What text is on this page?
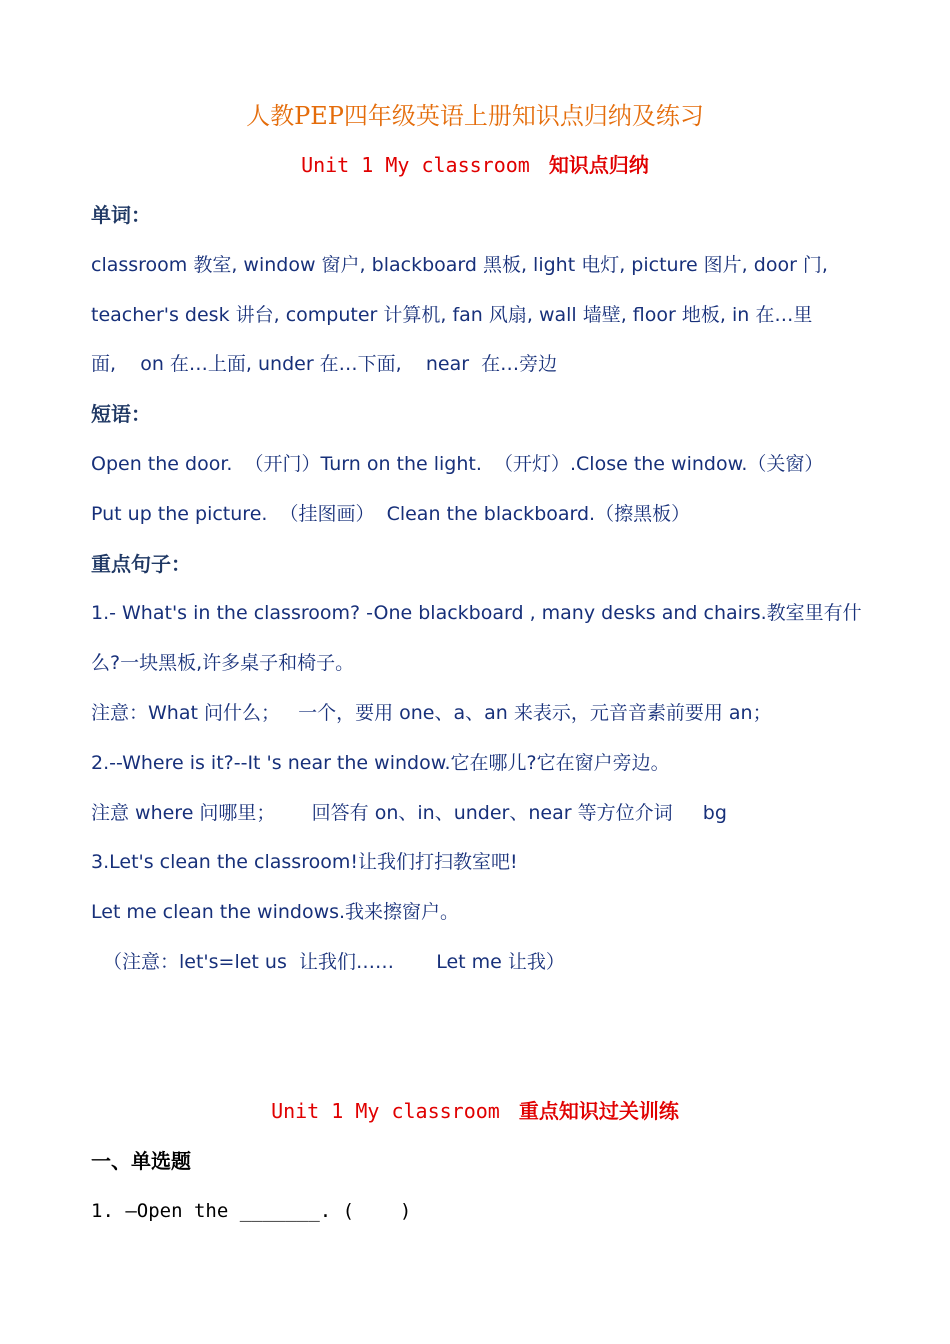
人教PEP四年级英语上册知识点归纳及练习
Unit 1 My classroom 知识点归纳
单词：
classroom 教室, window 窗户, blackboard 黑板, light 电灯, picture 图片, door 门,
teacher's desk 讲台, computer 计算机, fan 风扇, wall 墙壁, floor 地板, in 在…里
面,    on 在…上面, under 在…下面,    near  在…旁边
短语：
Open the door.  （开门）Turn on the light.  （开灯）.Close the window.（关窗）
Put up the picture.  （挂图画）  Clean the blackboard.（擦黑板）
重点句子：
1.- What's in the classroom? -One blackboard , many desks and chairs.教室里有什
么?一块黑板,许多桌子和椅子。
注意：What 问什么；   一个，要用 one、a、an 来表示，元音音素前要用 an；
2.--Where is it?--It 's near the window.它在哪儿?它在窗户旁边。
注意 where 问哪里；      回答有 on、in、under、near 等方位介词     bg
3.Let's clean the classroom!让我们打扫教室吧!
Let me clean the windows.我来擦窗户。
（注意：let's=let us  让我们……       Let me 让我）
Unit 1 My classroom 重点知识过关训练
一、单选题
1. —Open the _______. (    )
